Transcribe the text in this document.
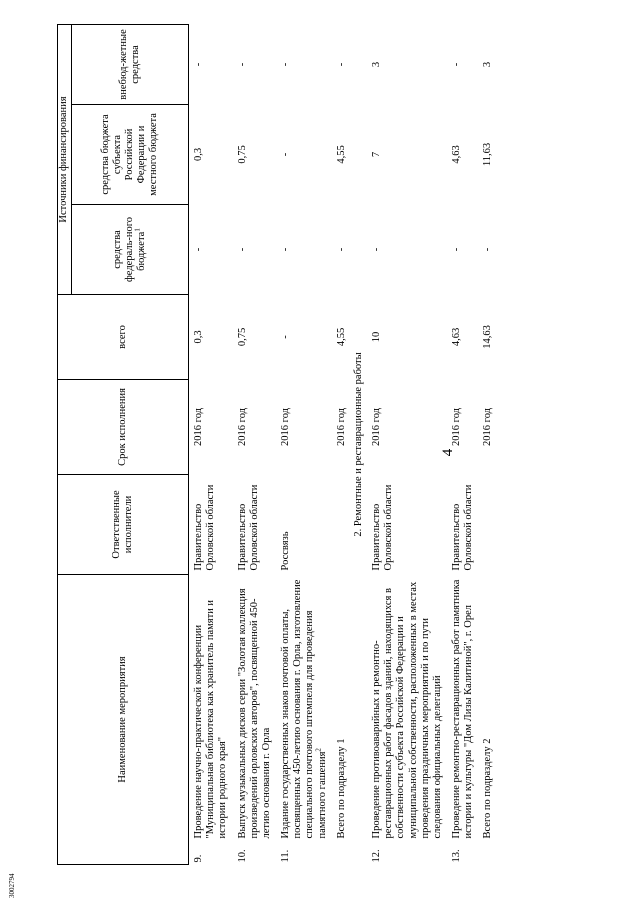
3002794
4
Наименование мероприятия		Ответственные исполнители	Срок исполнения	всего	Источники финансирования		
					средства федераль-ного бюджета$^1$	средства бюджета субъекта Российской Федерации и местного бюджета	внебюд-жетные средства
9.	Проведение научно-практической конференции "Муниципальная библиотека как хранитель памяти и истории родного края"	Правительство Орловской области	2016 год	0,3	-	0,3	-
10.	Выпуск музыкальных дисков серии "Золотая коллекция произведений орловских авторов", посвященной 450-летию основания г. Орла	Правительство Орловской области	2016 год	0,75	-	0,75	-
11.	Издание государственных знаков почтовой оплаты, посвященных 450-летию основания г. Орла, изготовление специального почтового штемпеля для проведения памятного гашения$^2$	Россвязь	2016 год	-	-	-	-
	Всего по подразделу 1		2016 год	4,55	-	4,55	-
2. Ремонтные и реставрационные работы							
12.	Проведение противоаварийных и ремонтно-реставрационных работ фасадов зданий, находящихся в собственности субъекта Российской Федерации и муниципальной собственности, расположенных в местах проведения праздничных мероприятий и по пути следования официальных делегаций	Правительство Орловской области	2016 год	10	-	7	3
13.	Проведение ремонтно-реставрационных работ памятника истории и культуры "Дом Лизы Калитиной", г. Орел	Правительство Орловской области	2016 год	4,63	-	4,63	-
	Всего по подразделу 2		2016 год	14,63	-	11,63	3
